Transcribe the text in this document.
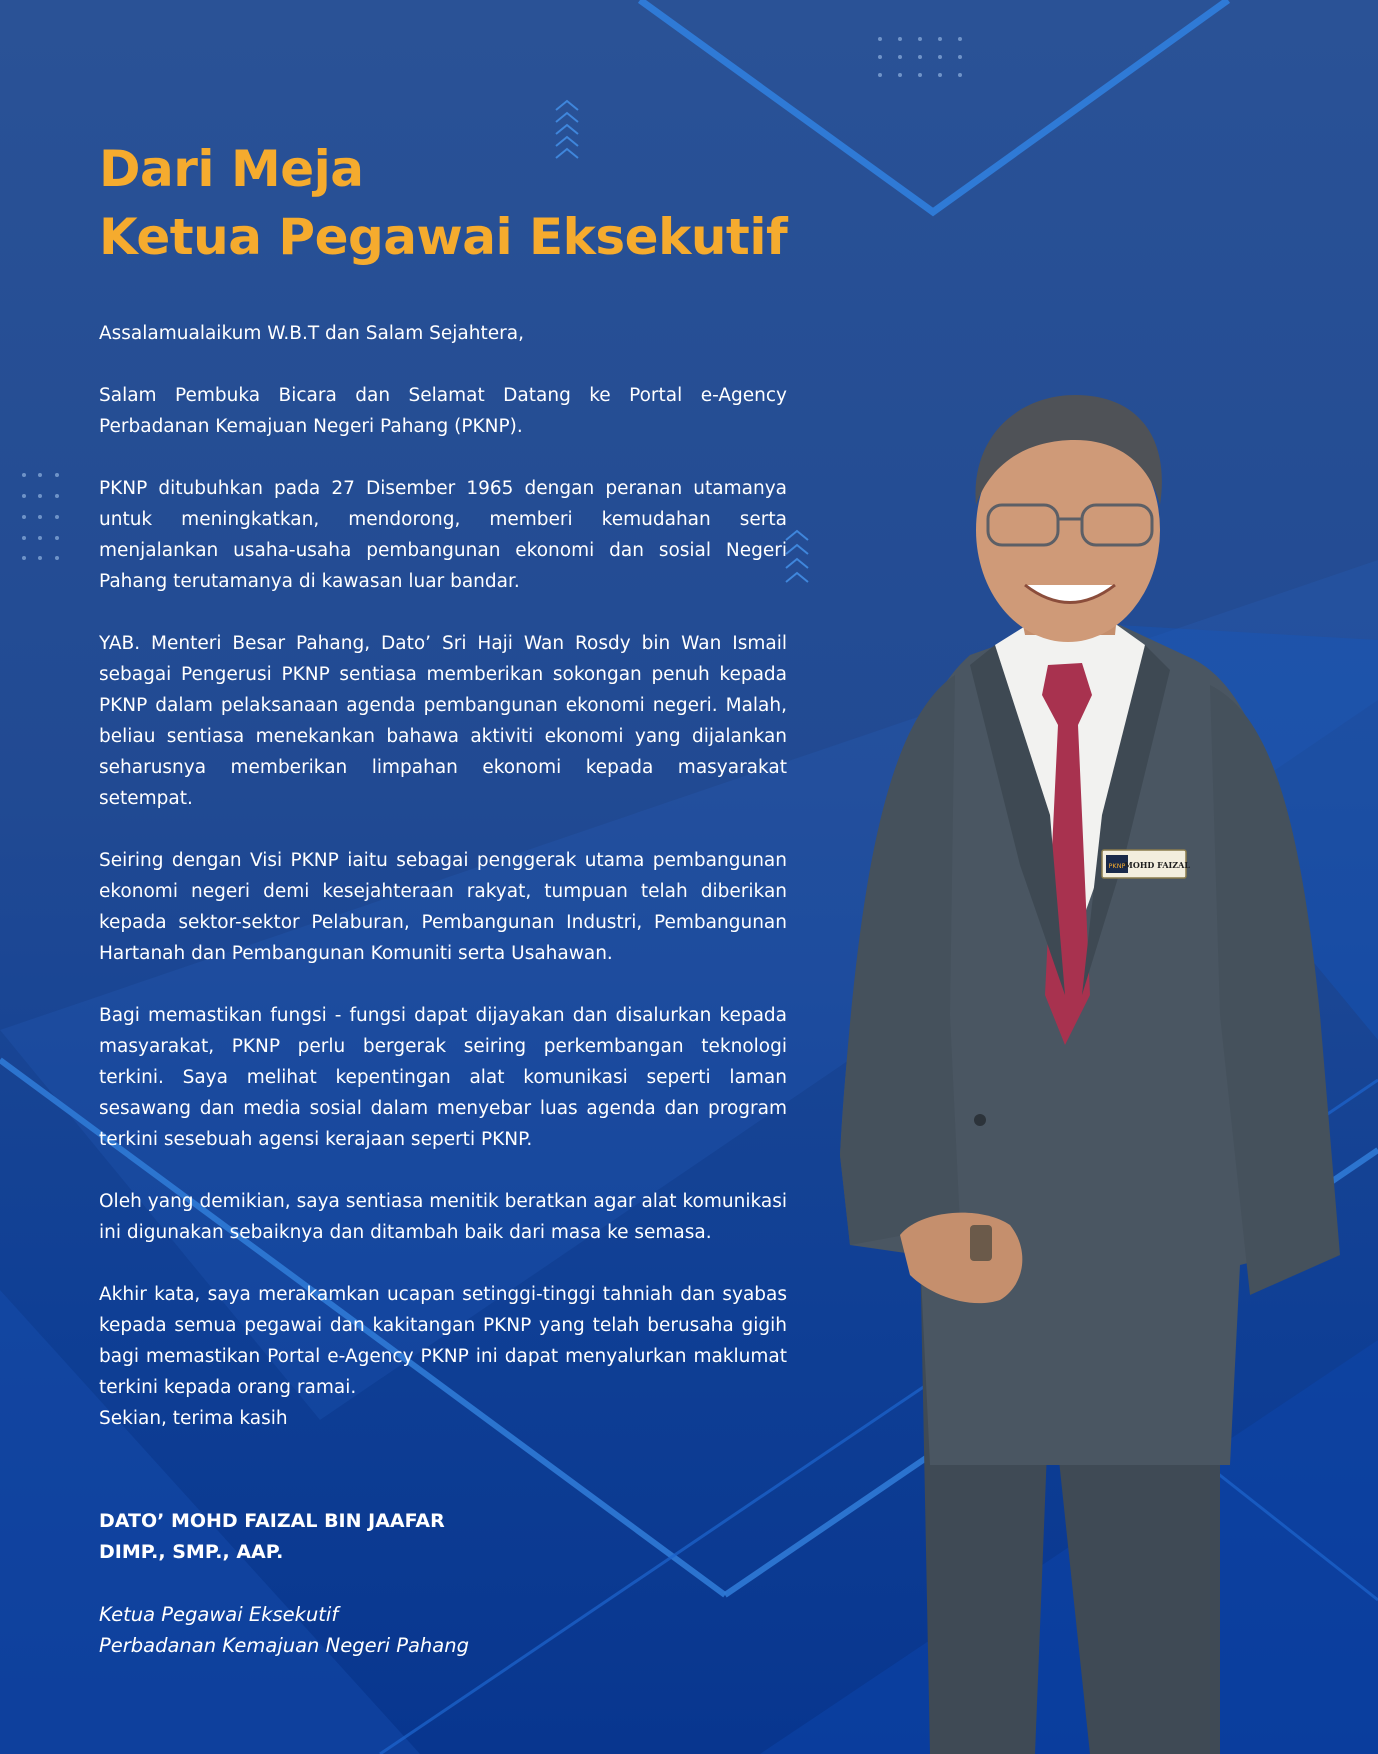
Dari Meja
Ketua Pegawai Eksekutif

Assalamualaikum W.B.T dan Salam Sejahtera,

Salam Pembuka Bicara dan Selamat Datang ke Portal e-Agency Perbadanan Kemajuan Negeri Pahang (PKNP).

PKNP ditubuhkan pada 27 Disember 1965 dengan peranan utamanya untuk meningkatkan, mendorong, memberi kemudahan serta menjalankan usaha-usaha pembangunan ekonomi dan sosial Negeri Pahang terutamanya di kawasan luar bandar.

YAB. Menteri Besar Pahang, Dato’ Sri Haji Wan Rosdy bin Wan Ismail sebagai Pengerusi PKNP sentiasa memberikan sokongan penuh kepada PKNP dalam pelaksanaan agenda pembangunan ekonomi negeri. Malah, beliau sentiasa menekankan bahawa aktiviti ekonomi yang dijalankan seharusnya memberikan limpahan ekonomi kepada masyarakat setempat.

Seiring dengan Visi PKNP iaitu sebagai penggerak utama pembangunan ekonomi negeri demi kesejahteraan rakyat, tumpuan telah diberikan kepada sektor-sektor Pelaburan, Pembangunan Industri, Pembangunan Hartanah dan Pembangunan Komuniti serta Usahawan.

Bagi memastikan fungsi - fungsi dapat dijayakan dan disalurkan kepada masyarakat, PKNP perlu bergerak seiring perkembangan teknologi terkini. Saya melihat kepentingan alat komunikasi seperti laman sesawang dan media sosial dalam menyebar luas agenda dan program terkini sesebuah agensi kerajaan seperti PKNP.

Oleh yang demikian, saya sentiasa menitik beratkan agar alat komunikasi ini digunakan sebaiknya dan ditambah baik dari masa ke semasa.

Akhir kata, saya merakamkan ucapan setinggi-tinggi tahniah dan syabas kepada semua pegawai dan kakitangan PKNP yang telah berusaha gigih bagi memastikan Portal e-Agency PKNP ini dapat menyalurkan maklumat terkini kepada orang ramai.

Sekian, terima kasih

DATO’ MOHD FAIZAL BIN JAAFAR
DIMP., SMP., AAP.
Ketua Pegawai Eksekutif
Perbadanan Kemajuan Negeri Pahang
PKNP
MOHD FAIZAL
